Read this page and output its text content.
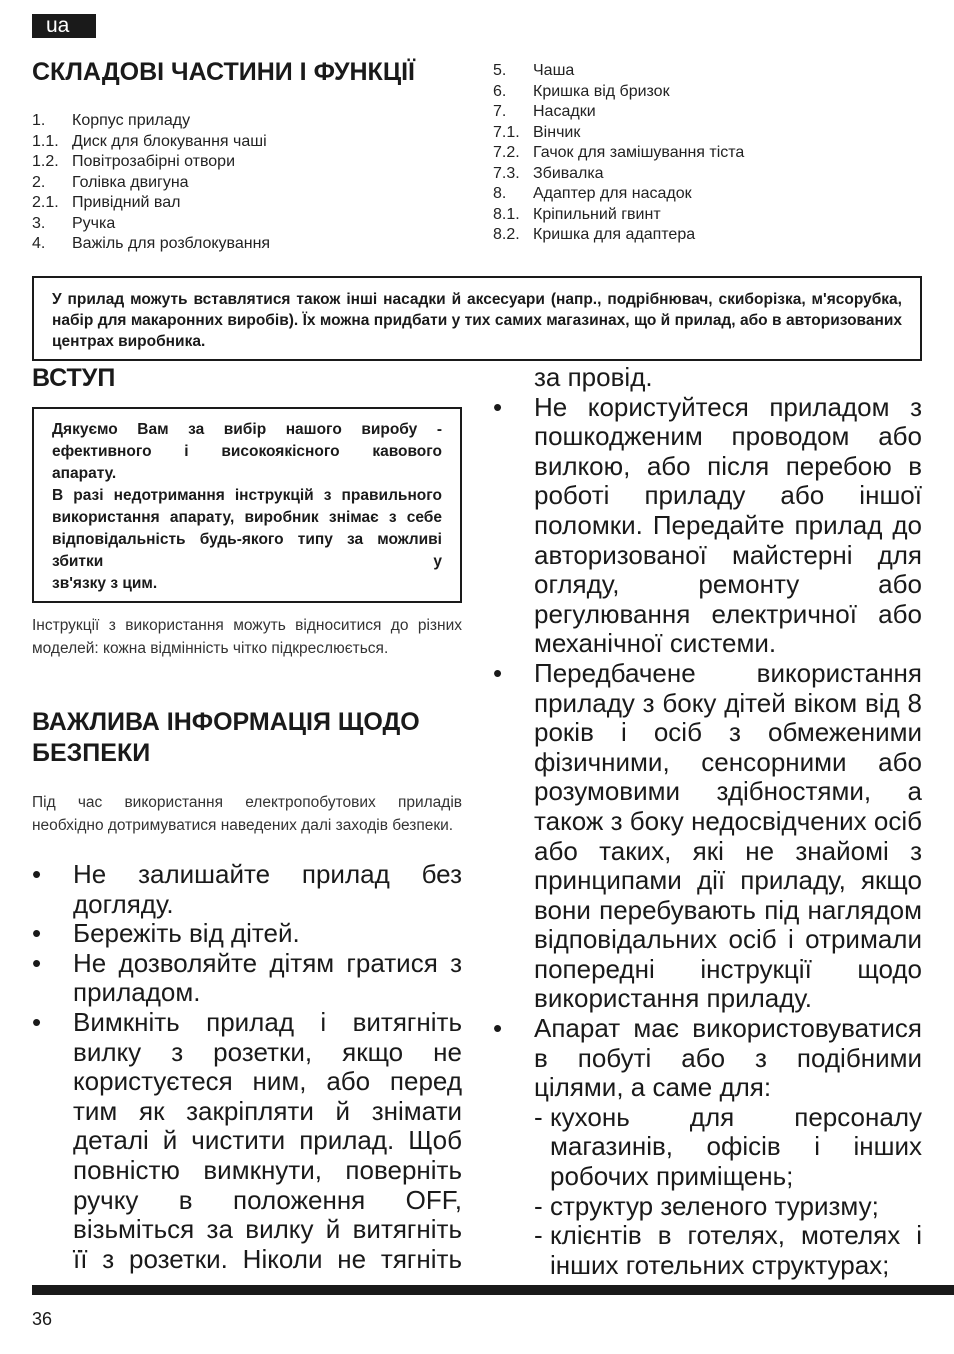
ua
СКЛАДОВІ ЧАСТИНИ І ФУНКЦІЇ
1.	Корпус приладу
1.1. Диск для блокування чаші
1.2. Повітрозабірні отвори
2.	Голівка двигуна
2.1. Привідний вал
3.	Ручка
4.	Важіль для розблокування
5.	Чаша
6.	Кришка від бризок
7.	Насадки
7.1. Вінчик
7.2. Гачок для замішування тіста
7.3. Збивалка
8.	Адаптер для насадок
8.1. Кріпильний гвинт
8.2. Кришка для адаптера

У прилад можуть вставлятися також інші насадки й аксесуари (напр., подрібнювач, скиборізка, м'ясорубка, набір для макаронних виробів). Їх можна придбати у тих самих магазинах, що й прилад, або в авторизованих центрах виробника.

ВСТУП

Дякуємо Вам за вибір нашого виробу - ефективного і високоякісного кавового
апарату.

В разі недотримання інструкцій з правильного використання апарату, виробник знімає з себе відповідальність будь-якого типу за можливі збитки у
зв'язку з цим.

Інструкції з використання можуть відноситися до різних моделей: кожна відмінність чітко підкреслюється.

ВАЖЛИВА ІНФОРМАЦІЯ ЩОДО
БЕЗПЕКИ

Під час використання електропобутових приладів необхідно дотримуватися наведених далі заходів безпеки.

• Не залишайте прилад без догляду.
• Бережіть від дітей.
• Не дозволяйте дітям гратися з приладом.
• Вимкніть прилад і витягніть вилку з розетки, якщо не користуєтеся ним, або перед тим як закріпляти й знімати деталі й чистити прилад. Щоб повністю вимкнути, поверніть ручку в положення OFF, візьміться за вилку й витягніть її з розетки. Ніколи не тягніть
за провід.
• Не користуйтеся приладом з пошкодженим проводом або вилкою, або після перебою в роботі приладу або іншої поломки. Передайте прилад до авторизованої майстерні для огляду, ремонту або регулювання електричної або механічної системи.
• Передбачене використання приладу з боку дітей віком від 8 років і осіб з обмеженими фізичними, сенсорними або розумовими здібностями, а також з боку недосвідчених осіб або таких, які не знайомі з принципами дії приладу, якщо вони перебувають під наглядом відповідальних осіб і отримали попередні інструкції щодо використання приладу.
• Апарат має використовуватися в побуті або з подібними цілями, а саме для:
- кухонь для персоналу магазинів, офісів і інших робочих приміщень;
- структур зеленого туризму;
- клієнтів в готелях, мотелях і інших готельних структурах;
36
